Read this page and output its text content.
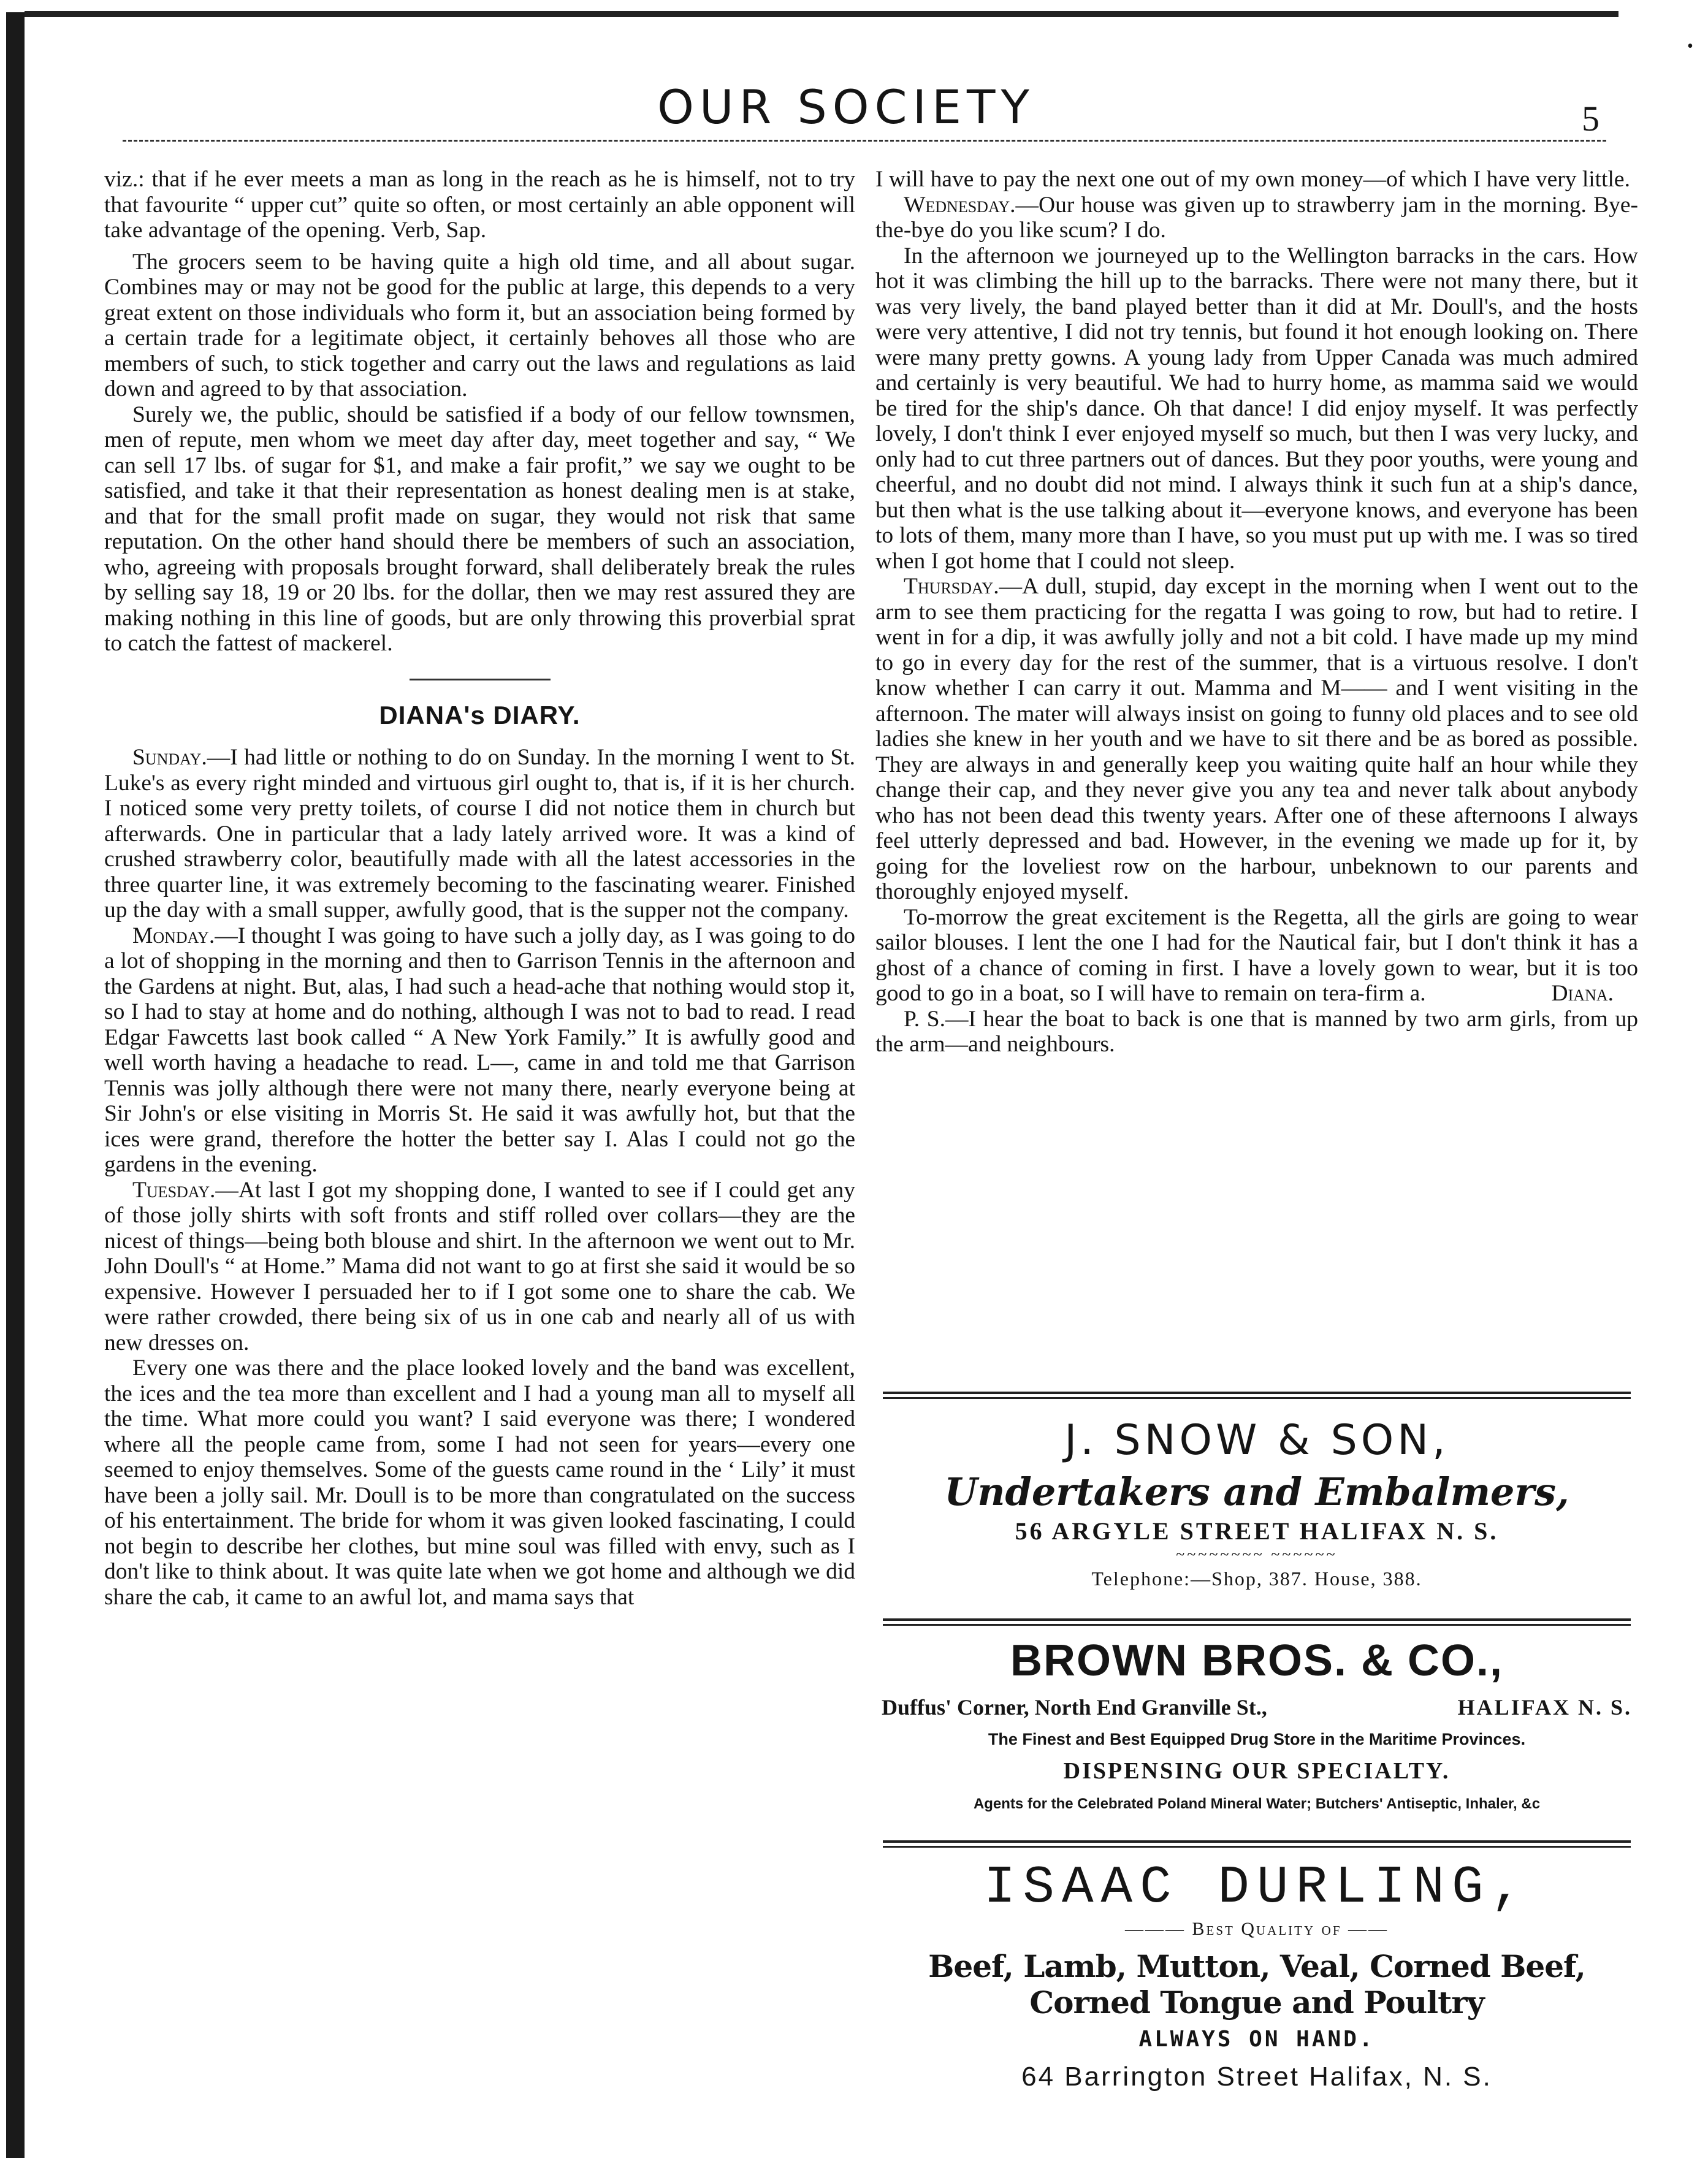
OUR SOCIETY	5

viz.: that if he ever meets a man as long in the reach as he is himself, not to try that favourite “ upper cut” quite so often, or most certainly an able opponent will take advantage of the opening. Verb, Sap.

The grocers seem to be having quite a high old time, and all about sugar. Combines may or may not be good for the public at large, this depends to a very great extent on those individuals who form it, but an association being formed by a certain trade for a legitimate object, it certainly behoves all those who are members of such, to stick together and carry out the laws and regulations as laid down and agreed to by that association.

Surely we, the public, should be satisfied if a body of our fellow townsmen, men of repute, men whom we meet day after day, meet together and say, “ We can sell 17 lbs. of sugar for $1, and make a fair profit,” we say we ought to be satisfied, and take it that their representation as honest dealing men is at stake, and that for the small profit made on sugar, they would not risk that same reputation. On the other hand should there be members of such an association, who, agreeing with proposals brought forward, shall deliberately break the rules by selling say 18, 19 or 20 lbs. for the dollar, then we may rest assured they are making nothing in this line of goods, but are only throwing this proverbial sprat to catch the fattest of mackerel.

DIANA's DIARY.

Sunday.—I had little or nothing to do on Sunday. In the morning I went to St. Luke's as every right minded and virtuous girl ought to, that is, if it is her church. I noticed some very pretty toilets, of course I did not notice them in church but afterwards. One in particular that a lady lately arrived wore. It was a kind of crushed strawberry color, beautifully made with all the latest accessories in the three quarter line, it was extremely becoming to the fascinating wearer. Finished up the day with a small supper, awfully good, that is the supper not the company.

Monday.—I thought I was going to have such a jolly day, as I was going to do a lot of shopping in the morning and then to Garrison Tennis in the afternoon and the Gardens at night. But, alas, I had such a head-ache that nothing would stop it, so I had to stay at home and do nothing, although I was not to bad to read. I read Edgar Fawcetts last book called “ A New York Family.” It is awfully good and well worth having a headache to read. L—, came in and told me that Garrison Tennis was jolly although there were not many there, nearly everyone being at Sir John's or else visiting in Morris St. He said it was awfully hot, but that the ices were grand, therefore the hotter the better say I. Alas I could not go the gardens in the evening.

Tuesday.—At last I got my shopping done, I wanted to see if I could get any of those jolly shirts with soft fronts and stiff rolled over collars—they are the nicest of things—being both blouse and shirt. In the afternoon we went out to Mr. John Doull's “ at Home.” Mama did not want to go at first she said it would be so expensive. However I persuaded her to if I got some one to share the cab. We were rather crowded, there being six of us in one cab and nearly all of us with new dresses on.

Every one was there and the place looked lovely and the band was excellent, the ices and the tea more than excellent and I had a young man all to myself all the time. What more could you want? I said everyone was there; I wondered where all the people came from, some I had not seen for years—every one seemed to enjoy themselves. Some of the guests came round in the ‘ Lily’ it must have been a jolly sail. Mr. Doull is to be more than congratulated on the success of his entertainment. The bride for whom it was given looked fascinating, I could not begin to describe her clothes, but mine soul was filled with envy, such as I don't like to think about. It was quite late when we got home and although we did share the cab, it came to an awful lot, and mama says that

I will have to pay the next one out of my own money—of which I have very little.

Wednesday.—Our house was given up to strawberry jam in the morning. Bye-the-bye do you like scum? I do.

In the afternoon we journeyed up to the Wellington barracks in the cars. How hot it was climbing the hill up to the barracks. There were not many there, but it was very lively, the band played better than it did at Mr. Doull's, and the hosts were very attentive, I did not try tennis, but found it hot enough looking on. There were many pretty gowns. A young lady from Upper Canada was much admired and certainly is very beautiful. We had to hurry home, as mamma said we would be tired for the ship's dance. Oh that dance! I did enjoy myself. It was perfectly lovely, I don't think I ever enjoyed myself so much, but then I was very lucky, and only had to cut three partners out of dances. But they poor youths, were young and cheerful, and no doubt did not mind. I always think it such fun at a ship's dance, but then what is the use talking about it—everyone knows, and everyone has been to lots of them, many more than I have, so you must put up with me. I was so tired when I got home that I could not sleep.

Thursday.—A dull, stupid, day except in the morning when I went out to the arm to see them practicing for the regatta I was going to row, but had to retire. I went in for a dip, it was awfully jolly and not a bit cold. I have made up my mind to go in every day for the rest of the summer, that is a virtuous resolve. I don't know whether I can carry it out. Mamma and M—— and I went visiting in the afternoon. The mater will always insist on going to funny old places and to see old ladies she knew in her youth and we have to sit there and be as bored as possible. They are always in and generally keep you waiting quite half an hour while they change their cap, and they never give you any tea and never talk about anybody who has not been dead this twenty years. After one of these afternoons I always feel utterly depressed and bad. However, in the evening we made up for it, by going for the loveliest row on the harbour, unbeknown to our parents and thoroughly enjoyed myself.

To-morrow the great excitement is the Regetta, all the girls are going to wear sailor blouses. I lent the one I had for the Nautical fair, but I don't think it has a ghost of a chance of coming in first. I have a lovely gown to wear, but it is too good to go in a boat, so I will have to remain on tera-firm a.	Diana.

P. S.—I hear the boat to back is one that is manned by two arm girls, from up the arm—and neighbours.

J. SNOW & SON,
Undertakers and Embalmers,
56 ARGYLE STREET HALIFAX N. S.
~~~~~~~~ ~~~~~~
Telephone:—Shop, 387. House, 388.
BROWN BROS. & CO.,
Duffus' Corner, North End Granville St.,	HALIFAX N. S.
The Finest and Best Equipped Drug Store in the Maritime Provinces.
DISPENSING OUR SPECIALTY.
Agents for the Celebrated Poland Mineral Water; Butchers' Antiseptic, Inhaler, &c
ISAAC DURLING,
——— Best Quality of ——
Beef, Lamb, Mutton, Veal, Corned Beef, Corned Tongue and Poultry
ALWAYS ON HAND.
64 Barrington Street Halifax, N. S.
•
